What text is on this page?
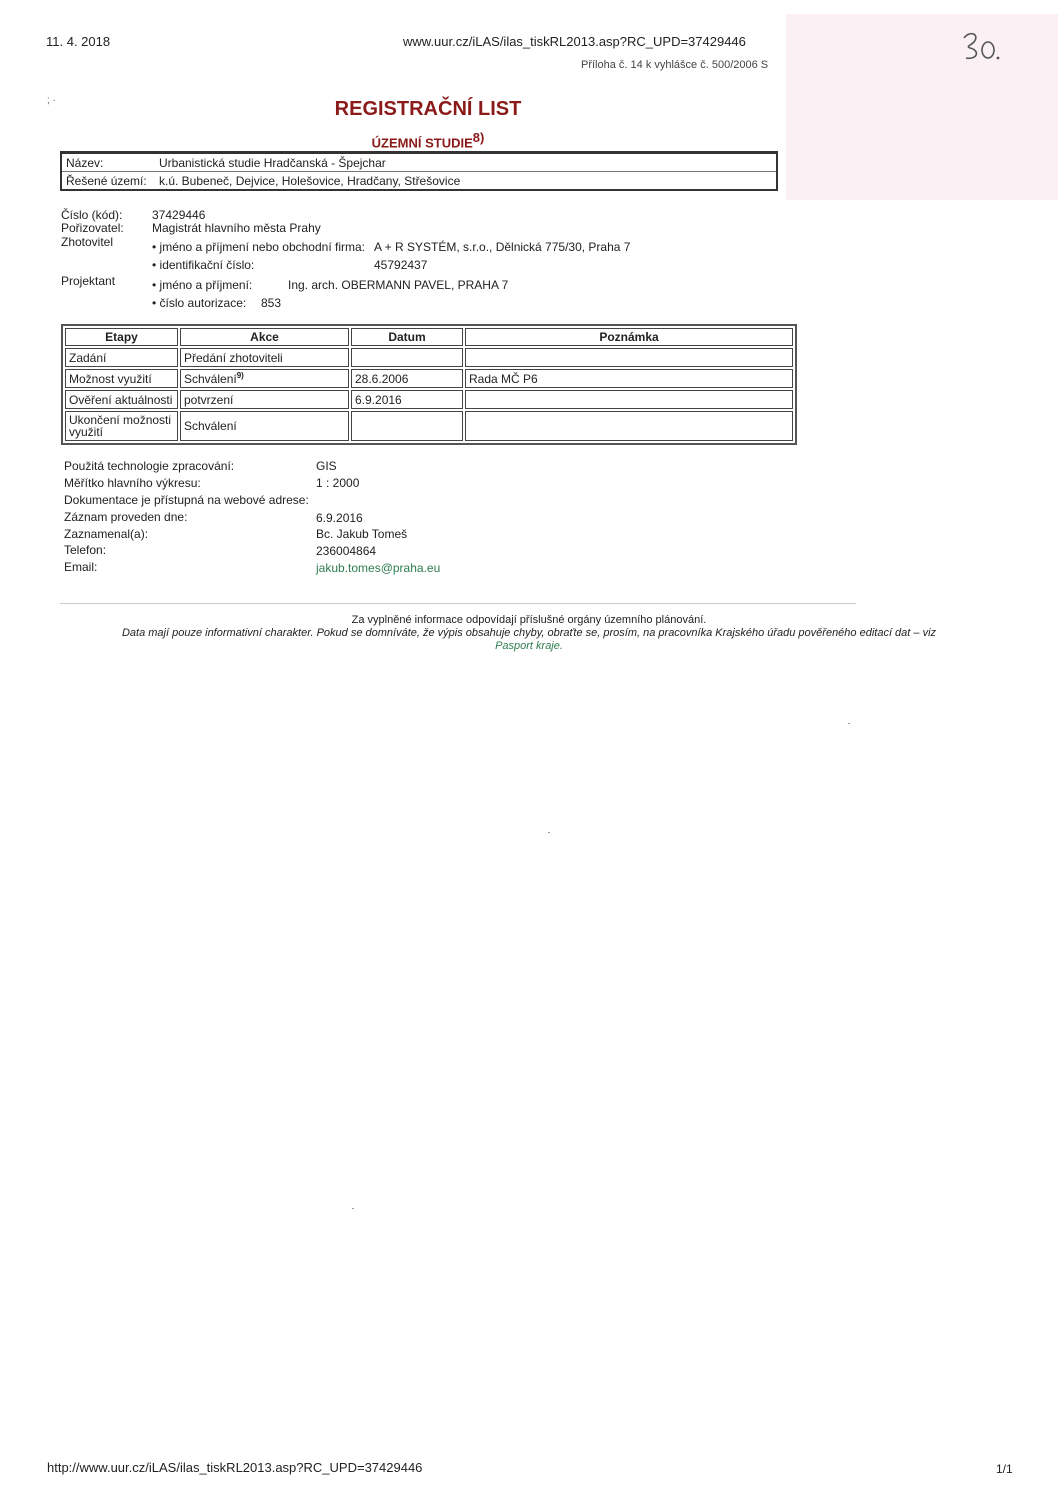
11. 4. 2018	www.uur.cz/iLAS/ilas_tiskRL2013.asp?RC_UPD=37429446
Příloha č. 14 k vyhlášce č. 500/2006 S
; ·	REGISTRAČNÍ LIST
ÚZEMNÍ STUDIE$^{8)}$
Název:	Urbanistická studie Hradčanská - Špejchar
Řešené území: k.ú. Bubeneč, Dejvice, Holešovice, Hradčany, Střešovice
Číslo (kód): 37429446
Pořizovatel: Magistrát hlavního města Prahy
Zhotovitel	• jméno a příjmení nebo obchodní firma: A + R SYSTÉM, s.r.o., Dělnická 775/30, Praha 7
• identifikační číslo:	45792437
Projektant	• jméno a příjmení:	Ing. arch. OBERMANN PAVEL, PRAHA 7
• číslo autorizace: 853
Etapy	Akce	Datum	Poznámka
Zadání	Předání zhotoviteli		
Možnost využití	Schválení$^{9)}$	28.6.2006	Rada MČ P6
Ověření aktuálnosti	potvrzení	6.9.2016	
Ukončení možnosti využití	Schválení		
Použitá technologie zpracování:	GIS
Měřítko hlavního výkresu:	1 : 2000
Dokumentace je přístupná na webové adrese:
Záznam proveden dne:	6.9.2016
Zaznamenal(a):	Bc. Jakub Tomeš
Telefon:	236004864
Email:	jakub.tomes@praha.eu
Za vyplněné informace odpovídají příslušné orgány územního plánování.
Data mají pouze informativní charakter. Pokud se domníváte, že výpis obsahuje chyby, obraťte se, prosím, na pracovníka Krajského úřadu pověřeného editací dat – viz
Pasport kraje.
http://www.uur.cz/iLAS/ilas_tiskRL2013.asp?RC_UPD=37429446	1/1
